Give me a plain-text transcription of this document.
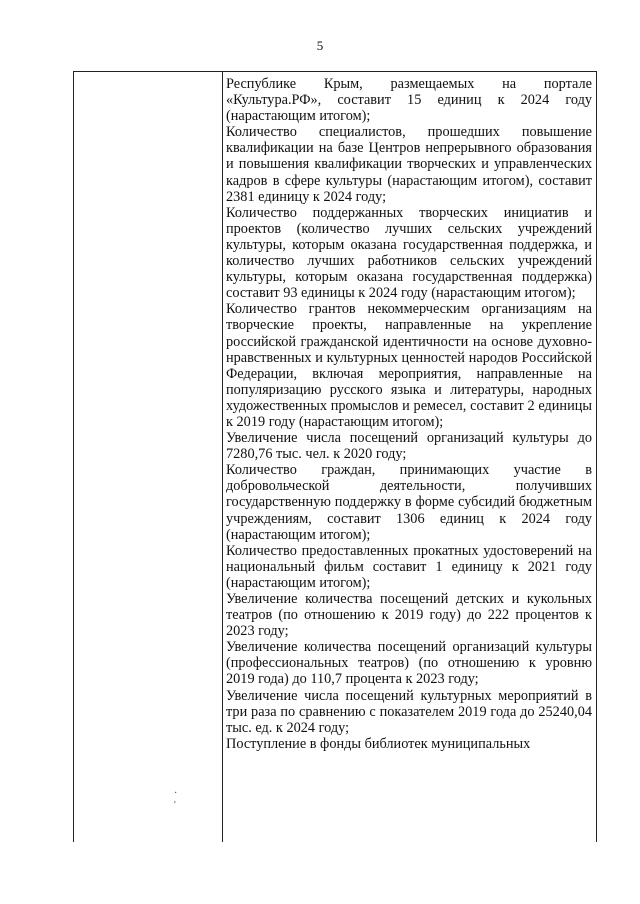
5
·
'

Республике Крым, размещаемых на портале «Культура.РФ», составит 15 единиц к 2024 году (нарастающим итогом);

Количество специалистов, прошедших повышение квалификации на базе Центров непрерывного образования и повышения квалификации творческих и управленческих кадров в сфере культуры (нарастающим итогом), составит 2381 единицу к 2024 году;

Количество поддержанных творческих инициатив и проектов (количество лучших сельских учреждений культуры, которым оказана государственная поддержка, и количество лучших работников сельских учреждений культуры, которым оказана государственная поддержка) составит 93 единицы к 2024 году (нарастающим итогом);

Количество грантов некоммерческим организациям на творческие проекты, направленные на укрепление российской гражданской идентичности на основе духовно-нравственных и культурных ценностей народов Российской Федерации, включая мероприятия, направленные на популяризацию русского языка и литературы, народных художественных промыслов и ремесел, составит 2 единицы к 2019 году (нарастающим итогом);

Увеличение числа посещений организаций культуры до 7280,76 тыс. чел. к 2020 году;

Количество граждан, принимающих участие в добровольческой деятельности, получивших государственную поддержку в форме субсидий бюджетным учреждениям, составит 1306 единиц к 2024 году (нарастающим итогом);

Количество предоставленных прокатных удостоверений на национальный фильм составит 1 единицу к 2021 году (нарастающим итогом);

Увеличение количества посещений детских и кукольных театров (по отношению к 2019 году) до 222 процентов к 2023 году;

Увеличение количества посещений организаций культуры (профессиональных театров) (по отношению к уровню 2019 года) до 110,7 процента к 2023 году;

Увеличение числа посещений культурных мероприятий в три раза по сравнению с показателем 2019 года до 25240,04 тыс. ед. к 2024 году;

Поступление в фонды библиотек муниципальных
